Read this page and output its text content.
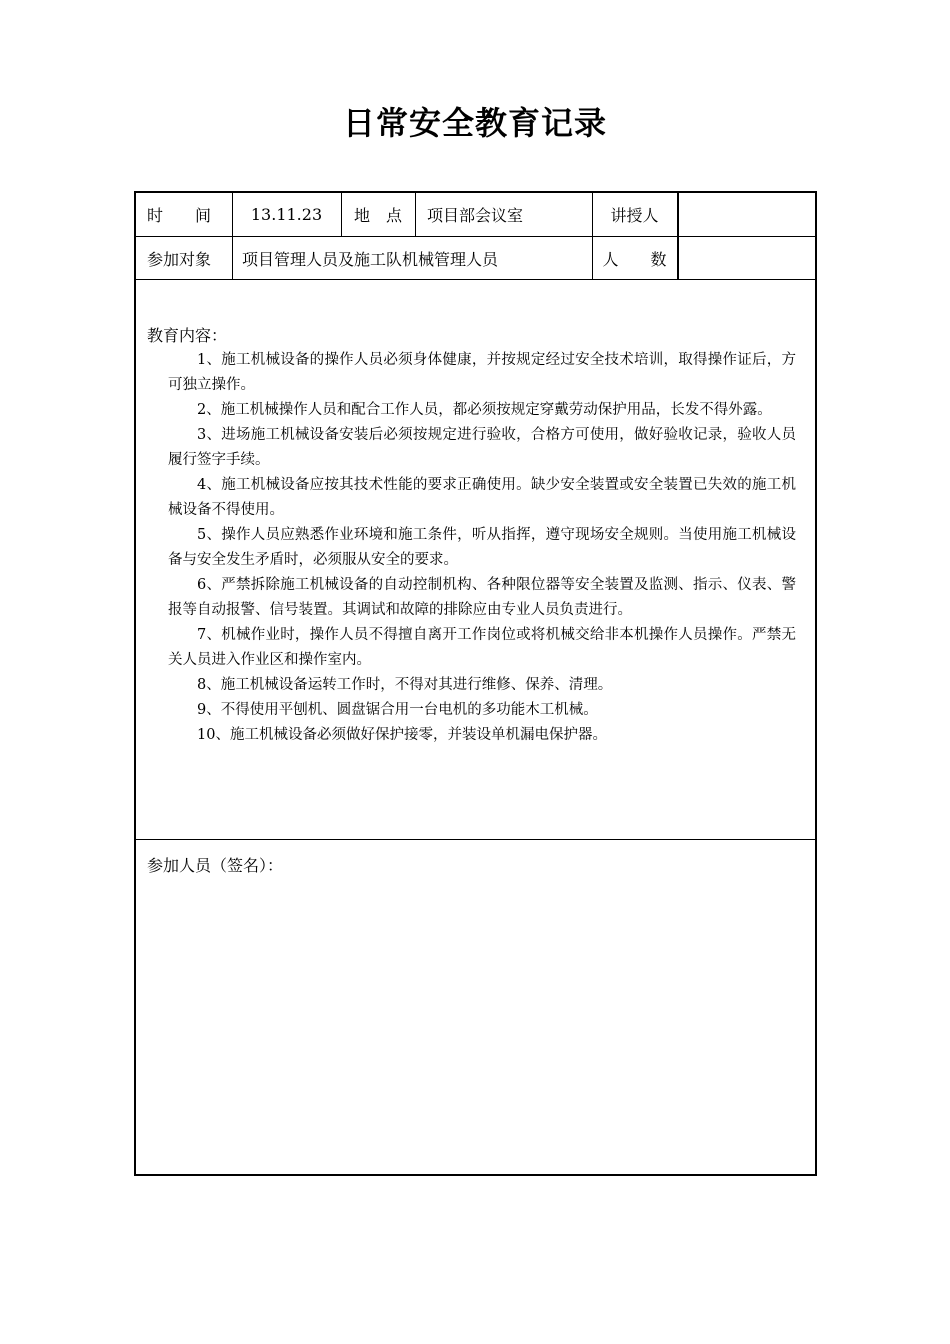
日常安全教育记录
时　　间	13.11.23	地　点	项目部会议室	讲授人
参加对象	项目管理人员及施工队机械管理人员	人　　数
教育内容：

1、施工机械设备的操作人员必须身体健康，并按规定经过安全技术培训，取得操作证后，方可独立操作。

2、施工机械操作人员和配合工作人员，都必须按规定穿戴劳动保护用品，长发不得外露。

3、进场施工机械设备安装后必须按规定进行验收，合格方可使用，做好验收记录，验收人员履行签字手续。

4、施工机械设备应按其技术性能的要求正确使用。缺少安全装置或安全装置已失效的施工机械设备不得使用。

5、操作人员应熟悉作业环境和施工条件，听从指挥，遵守现场安全规则。当使用施工机械设备与安全发生矛盾时，必须服从安全的要求。

6、严禁拆除施工机械设备的自动控制机构、各种限位器等安全装置及监测、指示、仪表、警报等自动报警、信号装置。其调试和故障的排除应由专业人员负责进行。

7、机械作业时，操作人员不得擅自离开工作岗位或将机械交给非本机操作人员操作。严禁无关人员进入作业区和操作室内。

8、施工机械设备运转工作时，不得对其进行维修、保养、清理。

9、不得使用平刨机、圆盘锯合用一台电机的多功能木工机械。

10、施工机械设备必须做好保护接零，并装设单机漏电保护器。

参加人员（签名）：
